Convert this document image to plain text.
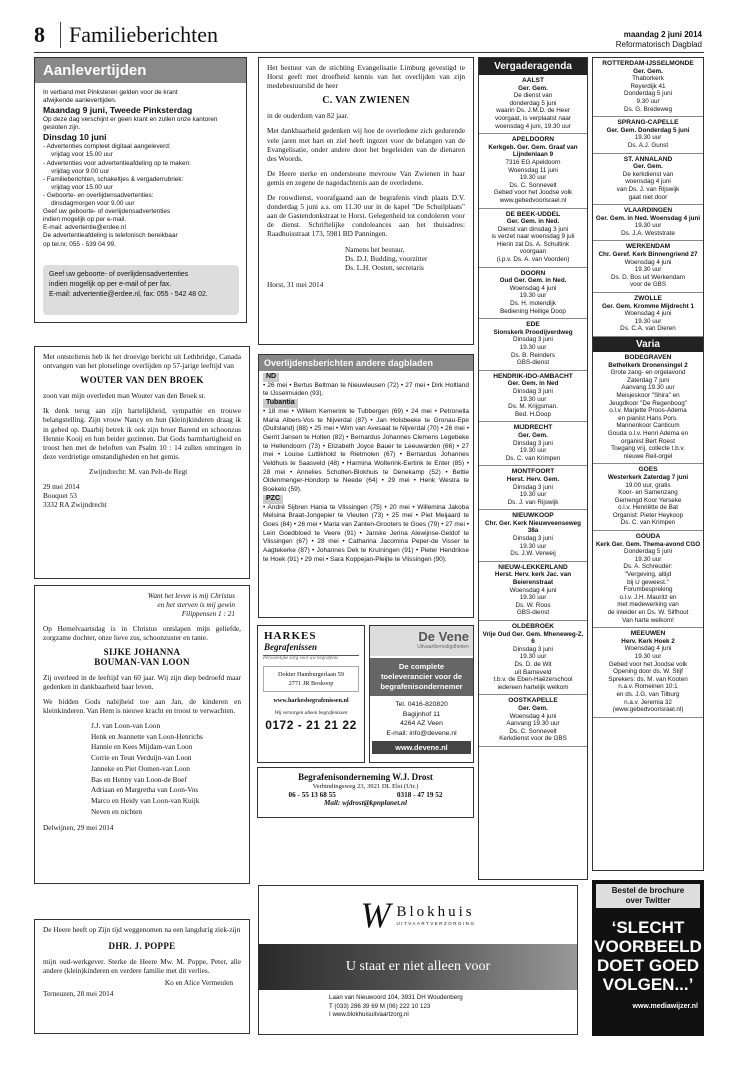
8	Familieberichten	maandag 2 juni 2014
Reformatorisch Dagblad
Aanlevertijden
In verband met Pinksteren gelden voor de krant
afwijkende aanlevertijden.
Maandag 9 juni, Tweede Pinksterdag
Op deze dag verschijnt er geen krant en zullen onze kantoren
gesloten zijn.
Dinsdag 10 juni
- Advertenties compleet digitaal aangeleverd:
vrijdag voor 15.00 uur
- Advertenties voor advertentieafdeling op te maken:
vrijdag voor 9.00 uur
- Familieberichten, schakeltjes & vergaderrubriek:
vrijdag voor 15.00 uur
- Geboorte- en overlijdensadvertenties:
dinsdagmorgen voor 9.00 uur
Geef uw geboorte- of overlijdensadvertenties
indien mogelijk op per e-mail.
E-mail: advertentie@erdee.nl
De advertentieafdeling is telefonisch bereikbaar
op tel.nr. 055 - 539 04 99.
Geef uw geboorte- of overlijdensadvertenties
indien mogelijk op per e-mail of per fax.
E-mail: advertentie@erdee.nl, fax: 055 - 542 48 02.

Het bestuur van de stichting Evangelisatie Limburg gevestigd te Horst geeft met droefheid kennis van het overlijden van zijn medebestuurslid de heer

C. VAN ZWIENEN

in de ouderdom van 82 jaar.

Met dankbaarheid gedenken wij hoe de overledene zich gedurende vele jaren met hart en ziel heeft ingezet voor de belangen van de Evangelisatie, onder andere door het begeleiden van de dienaren des Woords.

De Heere sterke en ondersteune mevrouw Van Zwienen in haar gemis en zegene de nagedachtenis aan de overledene.

De rouwdienst, voorafgaand aan de begrafenis vindt plaats D.V. donderdag 5 juni a.s. om 11.30 uur in de kapel "De Schuilplaats" aan de Gastendonkstraat te Horst. Gelegenheid tot condoleren voor de dienst. Schriftelijke condoleances aan het thuisadres: Raadhuisstraat 173, 5981 BD Panningen.

Namens het bestuur,
Ds. D.J. Budding, voorzitter
Ds. L.H. Oosten, secretaris
Horst, 31 mei 2014

Met ontsteltenis heb ik het droevige bericht uit Lethbridge, Canada ontvangen van het plotselinge overlijden op 57-jarige leeftijd van

WOUTER VAN DEN BROEK

zoon van mijn overleden man Wouter van den Broek sr.

Ik denk terug aan zijn hartelijkheid, sympathie en trouwe belangstelling. Zijn vrouw Nancy en hun (klein)kinderen draag ik in gebed op. Daarbij betrek ik ook zijn broer Barend en schoonzus Hennie Kooij en hun beider gezinnen. Dat Gods barmhartigheid en troost hen met de beloften van Psalm 10 : 14 zullen omringen in deze verdrietige omstandigheden en het gemis.

Zwijndrecht: M. van Pelt-de Regt

29 mei 2014
Bouquet 53
3332 RA Zwijndrecht
Overlijdensberichten andere dagbladen
ND
• 26 mei • Bertus Beltman te Nieuwleusen (72) • 27 mei • Dirk Holtland te IJsselmuiden (93).
Tubantia
• 18 mei • Willem Kemerink te Tubbergen (69) • 24 mei • Petronella Maria Albers-Vos te Nijverdal (87) • Jan Holsbeeke te Gronau-Epe (Duitsland) (88) • 25 mei • Wim van Avesaat te Nijverdal (70) • 26 mei • Gerrit Jansen te Holten (82) • Bernardus Johannes Clemens Legebeke te Hellendoorn (73) • Elizabeth Joyce Bauer te Leeuwarden (66) • 27 mei • Louise Luttikhold te Rietmolen (67) • Bernardus Johannes Veldhuis te Saasveld (48) • Harmina Wolterink-Eertink te Enter (85) • 28 mei • Annelies Scholten-Blokhuis te Denekamp (52) • Bettie Oldenmenger-Hondorp te Neede (64) • 29 mei • Henk Westra te Boekelo (59).
PZC
• André Sijbren Hania te Vlissingen (75) • 20 mei • Willemina Jakoba Melsina Braat-Jongepier te Vleuten (73) • 25 mei • Piet Meijaard te Goes (84) • 26 mei • Maria van Zanten-Grooters te Goes (79) • 27 mei • Lein Goedbloed te Veere (91) • Janske Jerina Alewijnse-Geldof te Vlissingen (67) • 28 mei • Catharina Jacomina Peper-de Visser te Aagtekerke (87) • Johannes Dek te Kruiningen (91) • Pieter Hendrikse te Hoek (91) • 29 mei • Sara Koppejan-Pleijte te Vlissingen (90).
Want het leven is mij Christus
en het sterven is mij gewin
Filippensen 1 : 21

Op Hemelvaartsdag is in Christus ontslapen mijn geliefde, zorgzame dochter, onze lieve zus, schoonzuster en tante.

SIJKE JOHANNA
BOUMAN-VAN LOON

Zij overleed in de leeftijd van 60 jaar. Wij zijn diep bedroefd maar gedenken in dankbaarheid haar leven.

We bidden Gods nabijheid toe aan Jan, de kinderen en kleinkinderen. Van Hem is nieuwe kracht en troost te verwachten.

J.J. van Loon-van Loon
Henk en Jeannette van Loon-Henrichs
Hannie en Kees Mijdam-van Loon
Corrie en Teun Verduijn-van Loon
Janneke en Piet Oomen-van Loon
Bas en Henny van Loon-de Boef
Adriaan en Margretha van Loon-Vos
Marco en Heidy van Loon-van Kuijk
Neven en nichten
Delwijnen, 29 mei 2014
HARKES
Begrafenissen
Persoonlijke zorg voor uw begrafenis
Dokter Hamburgerlaan 59
2771 JR Boskoop
www.harkesbegrafenissen.nl
Wij verzorgen alleen begrafenissen
0172 - 21 21 22
De Vene
Uitvaartbenodigdheden
De complete
toeleverancier voor de
begrafenisondernemer
Tel. 0416-820820
Bagijnhof 11
4264 AZ Veen
E-mail: info@devene.nl
www.devene.nl
Begrafenisonderneming W.J. Drost
Verbindingsweg 23, 3921 DL Elst (Utr.)
06 - 55 13 68 55	0318 - 47 19 52
Mail: wjdrost@kpnplanet.nl
W Blokhuis
UITVAARTVERZORGING
U staat er niet alleen voor
Laan van Nieuwoord 104, 3931 DH Woudenberg
T (033) 286 39 69 M (06) 222 10 123
I www.blokhuisuitvaartzorg.nl

De Heere heeft op Zijn tijd weggenomen na een langdurig ziek-zijn

DHR. J. POPPE

mijn oud-werkgever. Sterke de Heere Mw. M. Poppe, Peter, alle andere (klein)kinderen en verdere familie met dit verlies.

Ko en Alice Vermeulen

Terneuzen, 28 mei 2014
Vergaderagenda
AALST
Ger. Gem.
De dienst van
donderdag 5 juni
waarin Ds. J.M.D. de Heer
voorgaat, is verplaatst naar
woensdag 4 juni, 19.30 uur
APELDOORN
Kerkgeb. Ger. Gem. Graaf van Lijndenlaan 9
7316 EG Apeldoorn
Woensdag 11 juni
19.30 uur
Ds. C. Sonnevelt
Gebed voor het Joodse volk
www.gebedvoorisrael.nl
DE BEEK-UDDEL
Ger. Gem. in Ned.
Dienst van dinsdag 3 juni
is verzet naar woensdag 9 juli
Hierin zal Ds. A. Schultink
voorgaan
(i.p.v. Ds. A. van Voorden)
DOORN
Oud Ger. Gem. in Ned.
Woensdag 4 juni
19.30 uur
Ds. H. molendijk
Bediening Heilige Doop
EDE
Sionskerk Proodijverdweg
Dinsdag 3 juni
19.30 uur
Ds. B. Reinders
GBS-dienst
HENDRIK-IDO-AMBACHT
Ger. Gem. in Ned
Dinsdag 3 juni
19.30 uur
Ds. M. Krijgsman.
Bed. H.Doop
MIJDRECHT
Ger. Gem.
Dinsdag 3 juni
19.30 uur
Ds. C. van Krimpen
MONTFOORT
Herst. Herv. Gem.
Dinsdag 3 juni
19.30 uur
Ds. J. van Rijswijk
NIEUWKOOP
Chr. Ger. Kerk Nieuwveenseweg 38a
Dinsdag 3 juni
19.30 uur
Ds. J.W. Verweij
NIEUW-LEKKERLAND
Herst. Herv. kerk Jac. van Beierenstraat
Woensdag 4 juni
19.30 uur
Ds. W. Roos
GBS-dienst
OLDEBROEK
Vrije Oud Ger. Gem. Mheneweg-Z. 6
Dinsdag 3 juni
19.30 uur
Ds. D. de Wit
uit Barneveld
t.b.v. de Eben-Haëzerschool
iedereen hartelijk welkom
OOSTKAPELLE
Ger. Gem.
Woensdag 4 juni
Aanvang 19.30 uur
Ds. C. Sonnevelt
Kerkdienst voor de GBS
ROTTERDAM-IJSSELMONDE
Ger. Gem.
Thaborkerk
Reyerdijk 41
Donderdag 5 juni
9.30 uur
Ds. G. Bredeweg
SPRANG-CAPELLE
Ger. Gem. Donderdag 5 juni
19.30 uur
Ds. A.J. Gunst
ST. ANNALAND
Ger. Gem.
De kerkdienst van
woensdag 4 juni
van Ds. J. van Rijswijk
gaat niet door
VLAARDINGEN
Ger. Gem. in Ned. Woensdag 4 juni
19.30 uur
Ds. J.A. Weststrate
WERKENDAM
Chr. Geref. Kerk Binnengriend 27
Woensdag 4 juni
19.30 uur
Ds. D. Bos uit Werkendam
voor de GBS
ZWOLLE
Ger. Gem. Kromme Mijdrecht 1
Woensdag 4 juni
19.30 uur
Ds. C.A. van Dieren
Varia
BODEGRAVEN
Bethelkerk Dronensingel 2
Grote zang- en orgelavond
Zaterdag 7 juni
Aanvang 19.30 uur
Meisjeskoor "Shira" en
Jeugdkoor "De Regenboog"
o.l.v. Marjette Proos-Adema
en pianist Hans Pors.
Mannenkoor Canticum
Gouda o.l.v. Henri Adema en
organist Bert Roest
Toegang vrij, collecte t.b.v.
nieuwe Reil-orgel
GOES
Westerkerk Zaterdag 7 juni
19.00 uur, gratis
Koor- en Samenzang
Gemengd Koor Yerseke
o.l.v. Henriëtte de Bat
Organist: Pieter Heykoop
Ds. C. van Krimpen
GOUDA
Kerk Ger. Gem. Thema-avond CGO
Donderdag 5 juni
19.30 uur
Ds. A. Schreuder:
"Vergeving, altijd
bij U geweest."
Forumbespreking
o.l.v. J.H. Mauritz en
met medewerking van
de inleider en Ds. W. Silfhout
Van harte welkom!
MEEUWEN
Herv. Kerk Hoek 2
Woensdag 4 juni
19.30 uur
Gebed voor het Joodse volk
Opening door ds. W. Stijf
Sprekers: ds. M. van Kooten
n.a.v. Romeinen 10:1
en ds. J.G. van Tilburg
n.a.v. Jeremia 32
(www.gebedvoorisrael.nl)
Bestel de brochure
over Twitter
‘SLECHT
VOORBEELD
DOET GOED
VOLGEN...’
www.mediawijzer.nl
